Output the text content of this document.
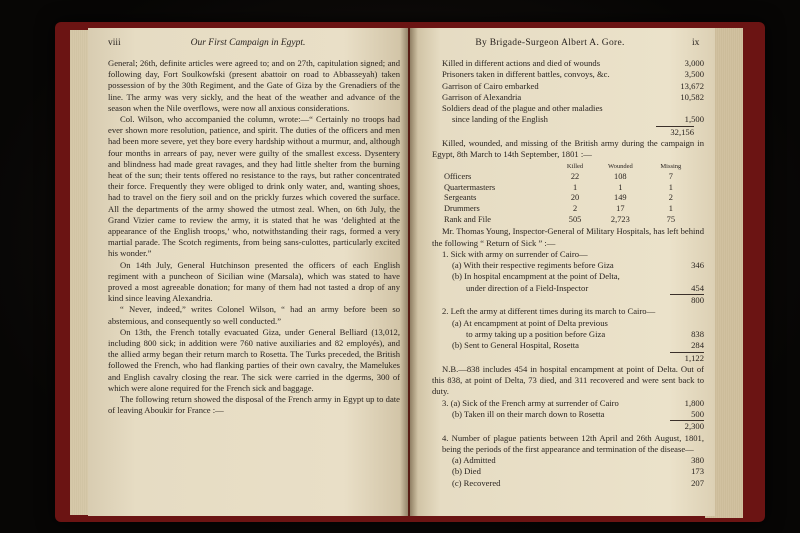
viii	Our First Campaign in Egypt.

General; 26th, definite articles were agreed to; and on 27th, capitulation signed; and following day, Fort Soulkowfski (present abattoir on road to Abbasseyah) taken possession of by the 30th Regiment, and the Gate of Giza by the Grenadiers of the line. The army was very sickly, and the heat of the weather and advance of the season when the Nile overflows, were now all anxious considerations.

Col. Wilson, who accompanied the column, wrote:—“ Certainly no troops had ever shown more resolution, patience, and spirit. The duties of the officers and men had been more severe, yet they bore every hardship without a murmur, and, although four months in arrears of pay, never were guilty of the smallest excess. Dysentery and blindness had made great ravages, and they had little shelter from the burning heat of the sun; their tents offered no resistance to the rays, but rather concentrated their force. Frequently they were obliged to drink only water, and, wanting shoes, had to travel on the fiery soil and on the prickly furzes which covered the surface. All the departments of the army showed the utmost zeal. When, on 6th July, the Grand Vizier came to review the army, it is stated that he was ‘delighted at the appearance of the English troops,’ who, notwithstanding their rags, formed a very martial parade. The Scotch regiments, from being sans-culottes, particularly excited his wonder.”

On 14th July, General Hutchinson presented the officers of each English regiment with a puncheon of Sicilian wine (Marsala), which was stated to have proved a most agreeable donation; for many of them had not tasted a drop of any kind since leaving Alexandria.

“ Never, indeed,” writes Colonel Wilson, “ had an army before been so abstemious, and consequently so well conducted.”

On 13th, the French totally evacuated Giza, under General Belliard (13,012, including 800 sick; in addition were 760 native auxiliaries and 82 employés), and the allied army began their return march to Rosetta. The Turks preceded, the British followed the French, who had flanking parties of their own cavalry, the Mamelukes and English cavalry closing the rear. The sick were carried in the dgerms, 300 of which were alone required for the French sick and baggage.

The following return showed the disposal of the French army in Egypt up to date of leaving Aboukir for France :—

By Brigade-Surgeon Albert A. Gore.	ix
Killed in different actions and died of wounds	3,000
Prisoners taken in different battles, convoys, &c.	3,500
Garrison of Cairo embarked	13,672
Garrison of Alexandria	10,582
Soldiers dead of the plague and other maladies
since landing of the English	1,500
32,156

Killed, wounded, and missing of the British army during the campaign in Egypt, 8th March to 14th September, 1801 :—

	Killed	Wounded	Missing
Officers	22	108	7
Quartermasters	1	1	1
Sergeants	20	149	2
Drummers	2	17	1
Rank and File	505	2,723	75

Mr. Thomas Young, Inspector-General of Military Hospitals, has left behind the following “ Return of Sick ” :—

1. Sick with army on surrender of Cairo—
(a) With their respective regiments before Giza	346
(b) In hospital encampment at the point of Delta,
under direction of a Field-Inspector	454
800
2. Left the army at different times during its march to Cairo—
(a) At encampment at point of Delta previous
to army taking up a position before Giza	838
(b) Sent to General Hospital, Rosetta	284
1,122

N.B.—838 includes 454 in hospital encampment at point of Delta. Out of this 838, at point of Delta, 73 died, and 311 recovered and were sent back to duty.

3. (a) Sick of the French army at surrender of Cairo	1,800
(b) Taken ill on their march down to Rosetta	500
2,300
4. Number of plague patients between 12th April and 26th August, 1801, being the periods of the first appearance and termination of the disease—
(a) Admitted	380
(b) Died	173
(c) Recovered	207
